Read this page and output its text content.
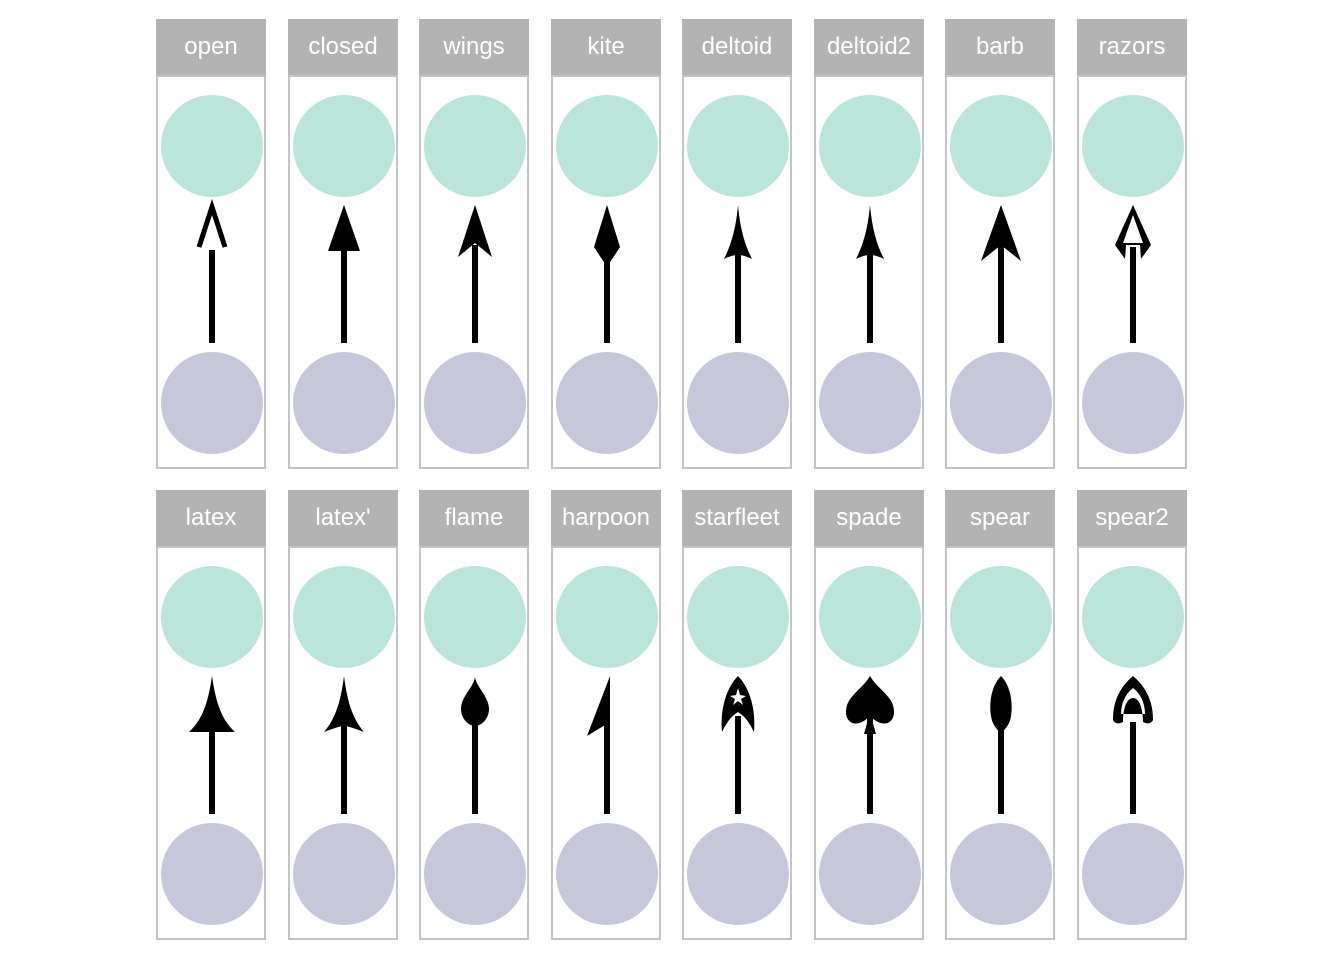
open	closed	wings	kite	deltoid	deltoid2	barb	razors
latex	latex'	flame	harpoon	starfleet	spade	spear	spear2
